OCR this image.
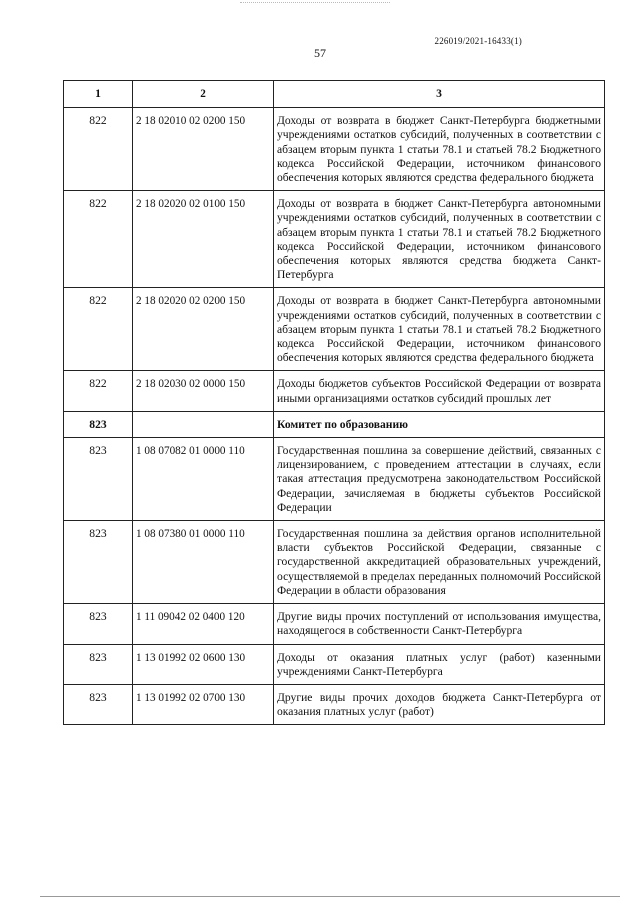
226019/2021-16433(1)
57
1	2	3
822	2 18 02010 02 0200 150	Доходы от возврата в бюджет Санкт-Петербурга бюджетными учреждениями остатков субсидий, полученных в соответствии с абзацем вторым пункта 1 статьи 78.1 и статьей 78.2 Бюджетного кодекса Российской Федерации, источником финансового обеспечения которых являются средства федерального бюджета
822	2 18 02020 02 0100 150	Доходы от возврата в бюджет Санкт-Петербурга автономными учреждениями остатков субсидий, полученных в соответствии с абзацем вторым пункта 1 статьи 78.1 и статьей 78.2 Бюджетного кодекса Российской Федерации, источником финансового обеспечения которых являются средства бюджета Санкт-Петербурга
822	2 18 02020 02 0200 150	Доходы от возврата в бюджет Санкт-Петербурга автономными учреждениями остатков субсидий, полученных в соответствии с абзацем вторым пункта 1 статьи 78.1 и статьей 78.2 Бюджетного кодекса Российской Федерации, источником финансового обеспечения которых являются средства федерального бюджета
822	2 18 02030 02 0000 150	Доходы бюджетов субъектов Российской Федерации от возврата иными организациями остатков субсидий прошлых лет
823		Комитет по образованию
823	1 08 07082 01 0000 110	Государственная пошлина за совершение действий, связанных с лицензированием, с проведением аттестации в случаях, если такая аттестация предусмотрена законодательством Российской Федерации, зачисляемая в бюджеты субъектов Российской Федерации
823	1 08 07380 01 0000 110	Государственная пошлина за действия органов исполнительной власти субъектов Российской Федерации, связанные с государственной аккредитацией образовательных учреждений, осуществляемой в пределах переданных полномочий Российской Федерации в области образования
823	1 11 09042 02 0400 120	Другие виды прочих поступлений от использования имущества, находящегося в собственности Санкт-Петербурга
823	1 13 01992 02 0600 130	Доходы от оказания платных услуг (работ) казенными учреждениями Санкт-Петербурга
823	1 13 01992 02 0700 130	Другие виды прочих доходов бюджета Санкт-Петербурга от оказания платных услуг (работ)
